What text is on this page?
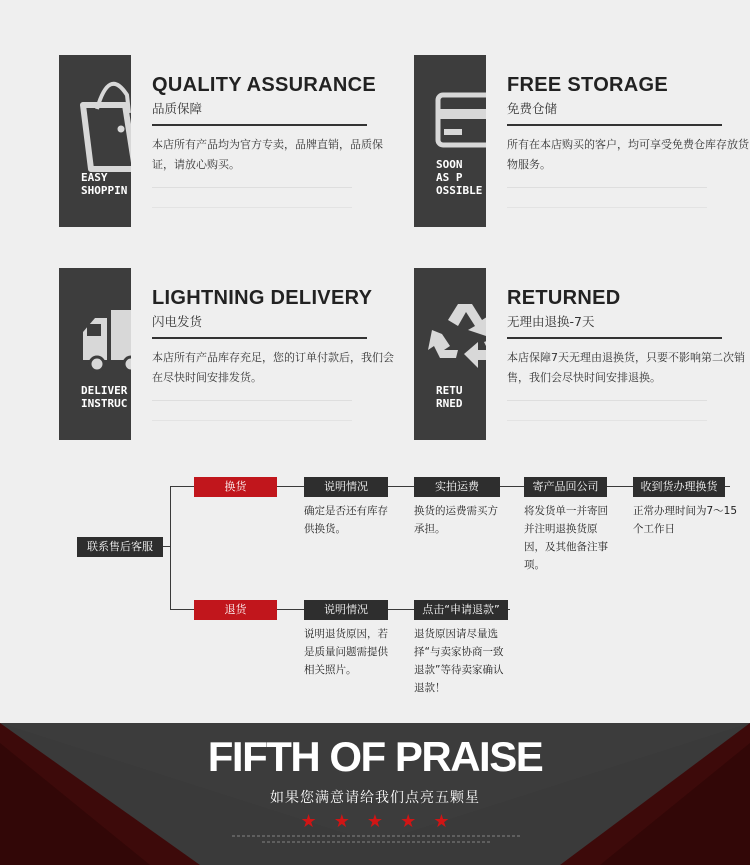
EASY
SHOPPIN
QUALITY ASSURANCE
品质保障
本店所有产品均为官方专卖，品牌直销，品质保证，请放心购买。	SOON
AS P
OSSIBLE
FREE STORAGE
免费仓储
所有在本店购买的客户，均可享受免费仓库存放货物服务。
DELIVER
INSTRUC
LIGHTNING DELIVERY
闪电发货
本店所有产品库存充足，您的订单付款后，我们会在尽快时间安排发货。
RETU
RNED
RETURNED
无理由退换-7天
本店保障7天无理由退换货，只要不影响第二次销售，我们会尽快时间安排退换。
联系售后客服
换货	说明情况	实拍运费	寄产品回公司	收到货办理换货
确定是否还有库存供换货。
换货的运费需买方承担。
将发货单一并寄回并注明退换货原因，及其他备注事项。
正常办理时间为7～15个工作日
退货	说明情况	点击“申请退款”
说明退货原因，若是质量问题需提供相关照片。
退货原因请尽量选择“与卖家协商一致退款”等待卖家确认退款！
FIFTH OF PRAISE
如果您满意请给我们点亮五颗星
★ ★ ★ ★ ★
